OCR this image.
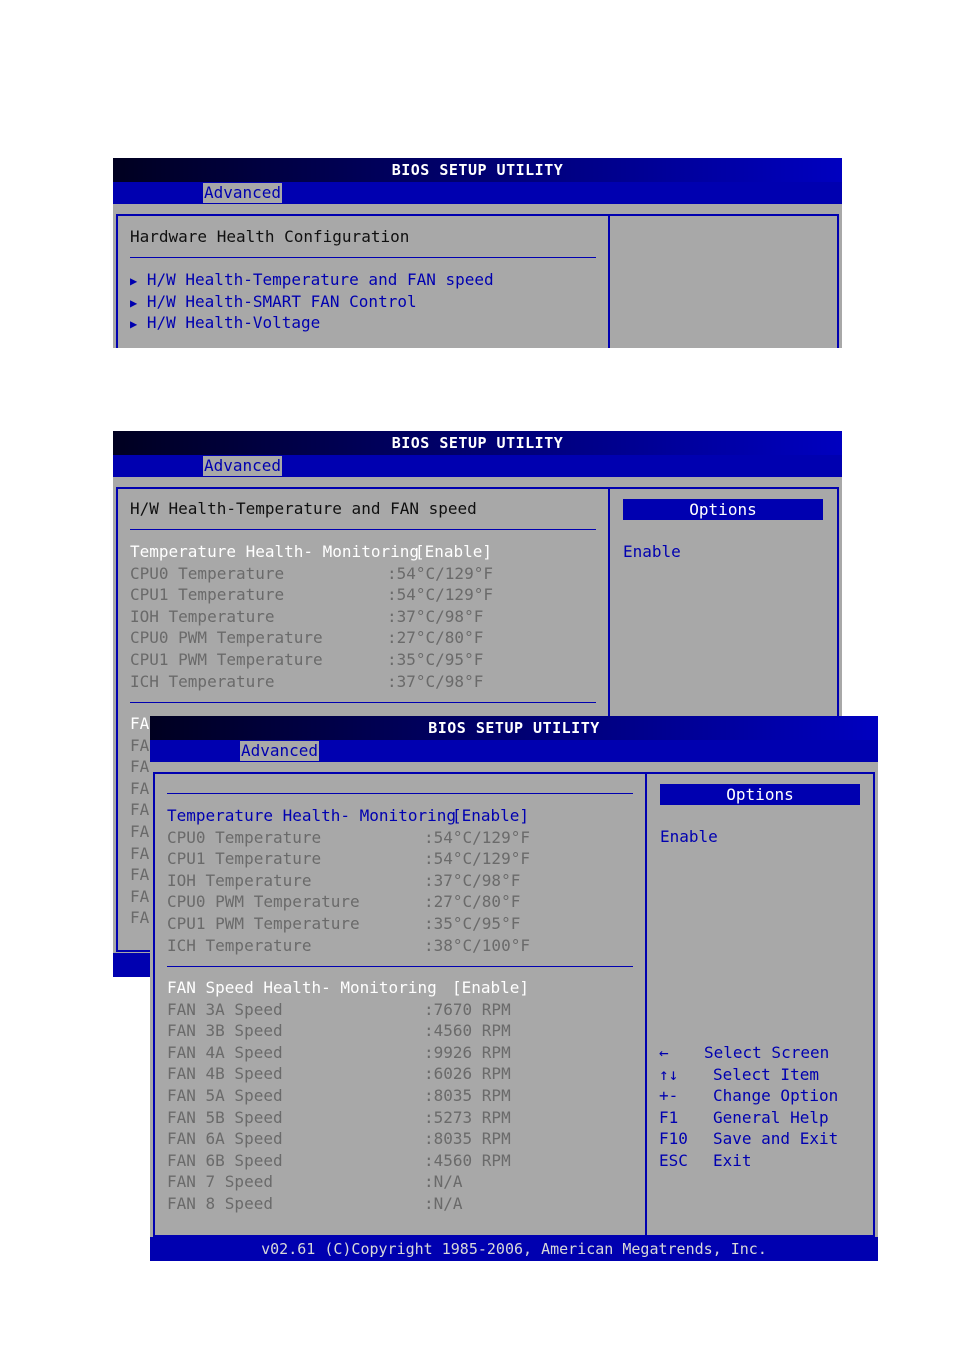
BIOS SETUP UTILITY
Advanced
Hardware Health Configuration
▶ H/W Health-Temperature and FAN speed
▶ H/W Health-SMART FAN Control
▶ H/W Health-Voltage
BIOS SETUP UTILITY
Advanced
H/W Health-Temperature and FAN speed
Temperature Health- Monitoring
[Enable]
CPU0 Temperature	:54°C/129°F
CPU1 Temperature	:54°C/129°F
IOH Temperature	:37°C/98°F
CPU0 PWM Temperature	:27°C/80°F
CPU1 PWM Temperature	:35°C/95°F
ICH Temperature	:37°C/98°F
FA
FA
FA
FA
FA
FA
FA
FA
FA
FA
Options
Enable
BIOS SETUP UTILITY
Advanced
Temperature Health- Monitoring
[Enable]
CPU0 Temperature	:54°C/129°F
CPU1 Temperature	:54°C/129°F
IOH Temperature	:37°C/98°F
CPU0 PWM Temperature	:27°C/80°F
CPU1 PWM Temperature	:35°C/95°F
ICH Temperature	:38°C/100°F
FAN Speed Health- Monitoring [Enable]
FAN 3A Speed	:7670 RPM
FAN 3B Speed	:4560 RPM
FAN 4A Speed	:9926 RPM
FAN 4B Speed	:6026 RPM
FAN 5A Speed	:8035 RPM
FAN 5B Speed	:5273 RPM
FAN 6A Speed	:8035 RPM
FAN 6B Speed	:4560 RPM
FAN 7 Speed	:N/A
FAN 8 Speed	:N/A
Options
Enable
← Select Screen
↑↓ Select Item
+- Change Option
F1 General Help
F10 Save and Exit
ESC Exit
v02.61 (C)Copyright 1985-2006, American Megatrends, Inc.
